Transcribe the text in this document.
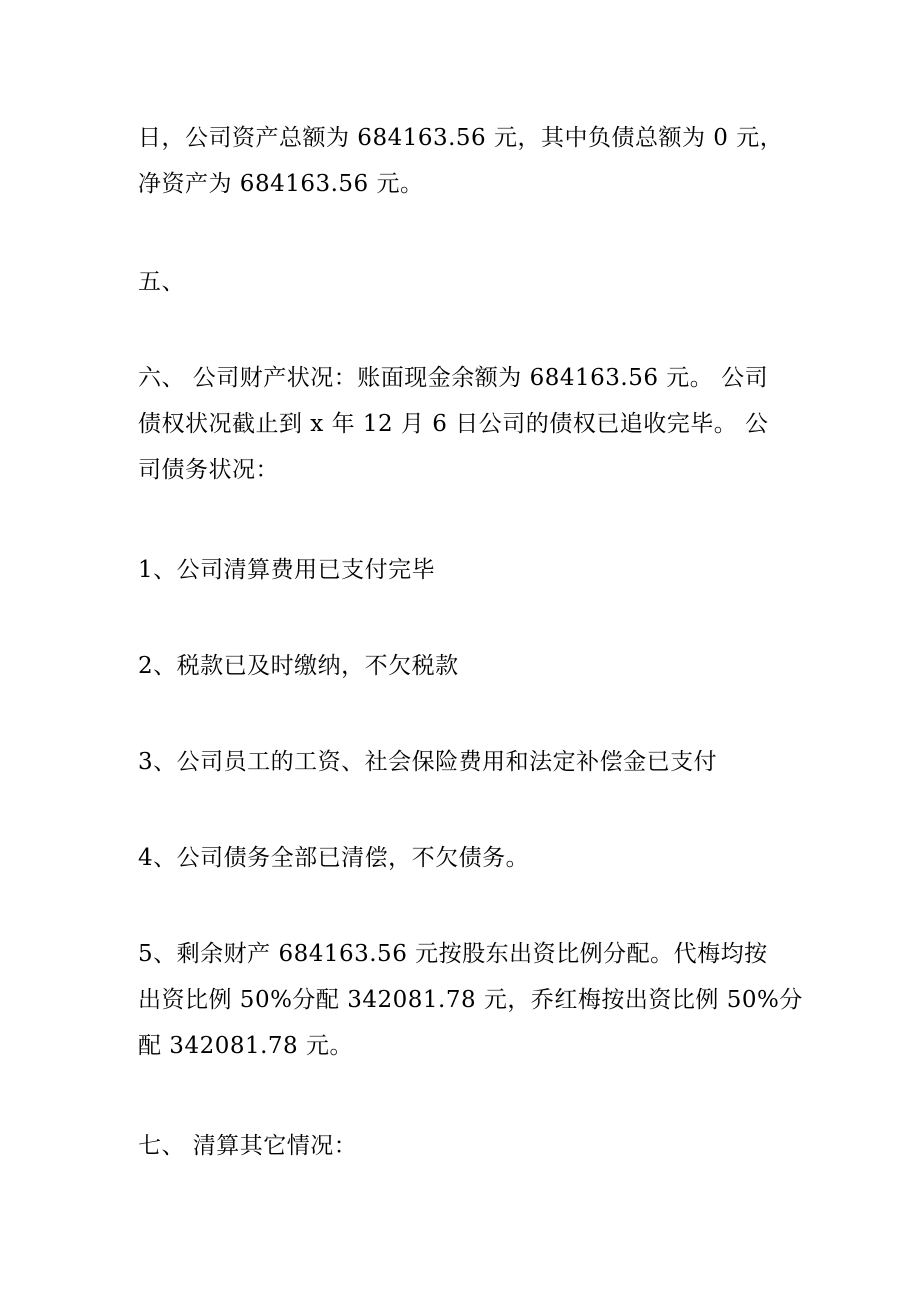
日，公司资产总额为 684163.56 元，其中负债总额为 0 元，
净资产为 684163.56 元。
五、
六、 公司财产状况：账面现金余额为 684163.56 元。 公司
债权状况截止到 x 年 12 月 6 日公司的债权已追收完毕。 公
司债务状况：
1、公司清算费用已支付完毕
2、税款已及时缴纳，不欠税款
3、公司员工的工资、社会保险费用和法定补偿金已支付
4、公司债务全部已清偿，不欠债务。
5、剩余财产 684163.56 元按股东出资比例分配。代梅均按
出资比例 50%分配 342081.78 元，乔红梅按出资比例 50%分
配 342081.78 元。
七、 清算其它情况：
